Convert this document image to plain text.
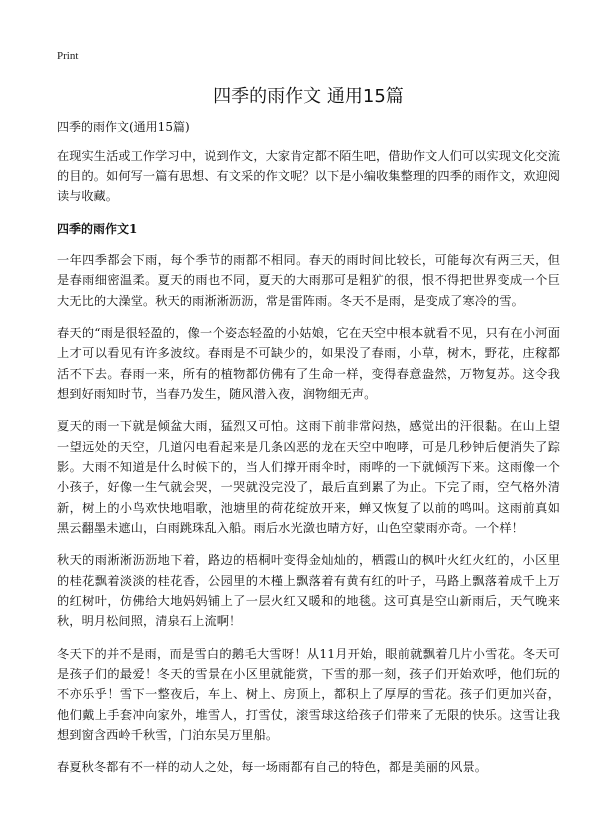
Print
四季的雨作文 通用15篇
四季的雨作文(通用15篇)
在现实生活或工作学习中，说到作文，大家肯定都不陌生吧，借助作文人们可以实现文化交流的目的。如何写一篇有思想、有文采的作文呢？以下是小编收集整理的四季的雨作文，欢迎阅读与收藏。
四季的雨作文1

一年四季都会下雨，每个季节的雨都不相同。春天的雨时间比较长，可能每次有两三天，但是春雨细密温柔。夏天的雨也不同，夏天的大雨那可是粗犷的很，恨不得把世界变成一个巨大无比的大澡堂。秋天的雨淅淅沥沥，常是雷阵雨。冬天不是雨，是变成了寒冷的雪。

春天的“雨是很轻盈的，像一个姿态轻盈的小姑娘，它在天空中根本就看不见，只有在小河面上才可以看见有许多波纹。春雨是不可缺少的，如果没了春雨，小草，树木，野花，庄稼都活不下去。春雨一来，所有的植物都仿佛有了生命一样，变得春意盎然，万物复苏。这令我想到好雨知时节，当春乃发生，随风潜入夜，润物细无声。

夏天的雨一下就是倾盆大雨，猛烈又可怕。这雨下前非常闷热，感觉出的汗很黏。在山上望一望远处的天空，几道闪电看起来是几条凶恶的龙在天空中咆哮，可是几秒钟后便消失了踪影。大雨不知道是什么时候下的，当人们撑开雨伞时，雨哗的一下就倾泻下来。这雨像一个小孩子，好像一生气就会哭，一哭就没完没了，最后直到累了为止。下完了雨，空气格外清新，树上的小鸟欢快地唱歌，池塘里的荷花绽放开来，蝉又恢复了以前的鸣叫。这雨前真如黑云翻墨未遮山，白雨跳珠乱入船。雨后水光潋也晴方好，山色空蒙雨亦奇。一个样！

秋天的雨淅淅沥沥地下着，路边的梧桐叶变得金灿灿的，栖霞山的枫叶火红火红的，小区里的桂花飘着淡淡的桂花香，公园里的木槿上飘落着有黄有红的叶子，马路上飘落着成千上万的红树叶，仿佛给大地妈妈铺上了一层火红又暖和的地毯。这可真是空山新雨后，天气晚来秋，明月松间照，清泉石上流啊！

冬天下的并不是雨，而是雪白的鹅毛大雪呀！从11月开始，眼前就飘着几片小雪花。冬天可是孩子们的最爱！冬天的雪景在小区里就能赏，下雪的那一刻，孩子们开始欢呼，他们玩的不亦乐乎！雪下一整夜后，车上、树上、房顶上，都积上了厚厚的雪花。孩子们更加兴奋，他们戴上手套冲向家外，堆雪人，打雪仗，滚雪球这给孩子们带来了无限的快乐。这雪让我想到窗含西岭千秋雪，门泊东吴万里船。

春夏秋冬都有不一样的动人之处，每一场雨都有自己的特色，都是美丽的风景。
